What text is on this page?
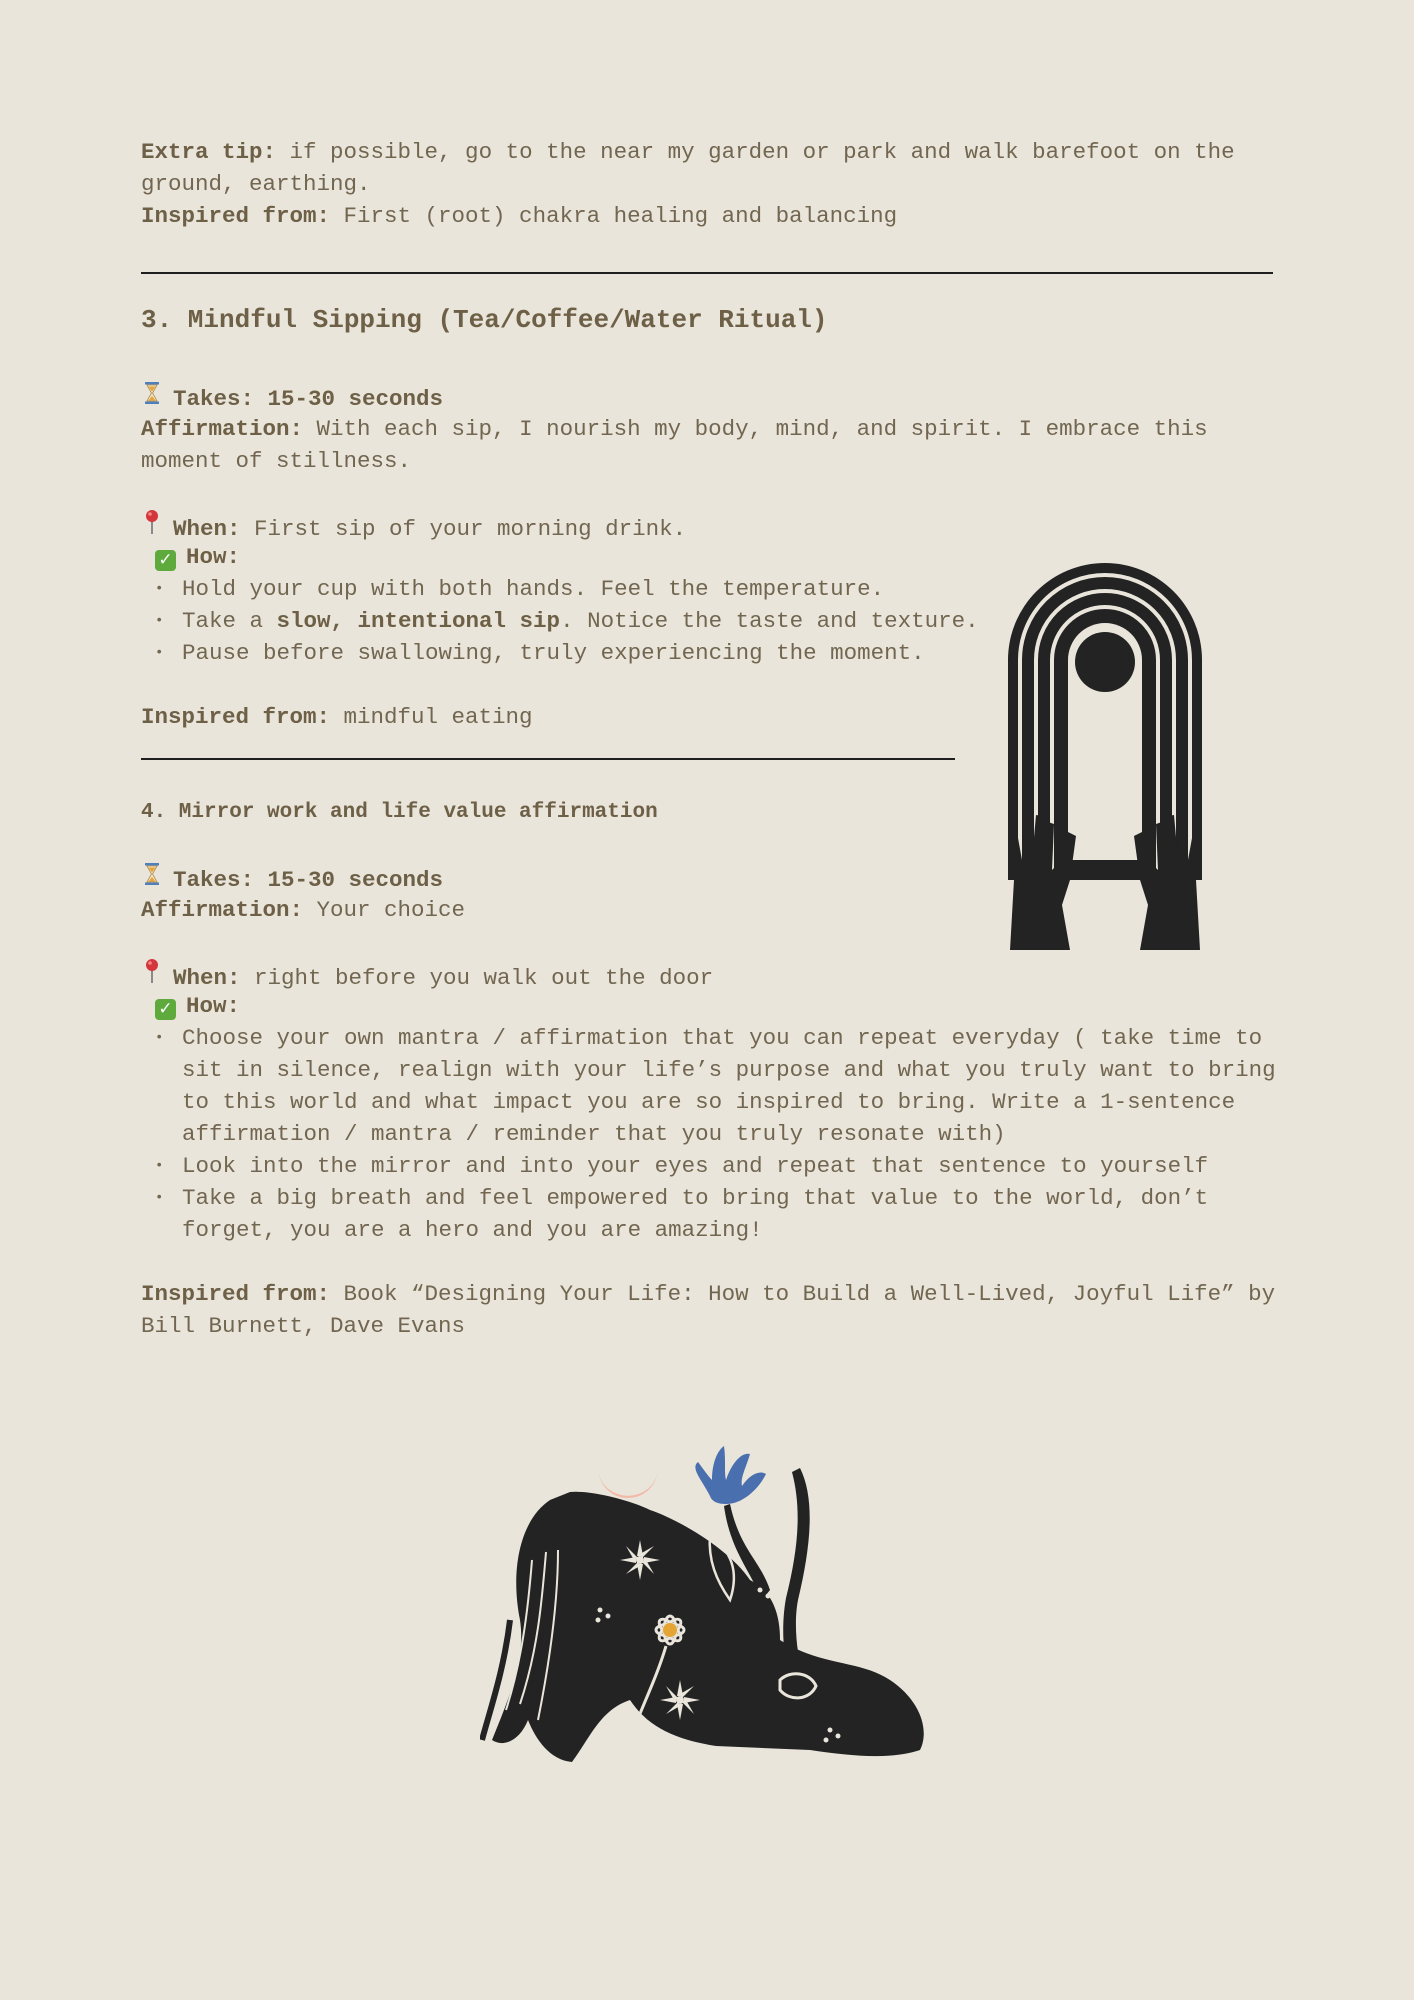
Extra tip: if possible, go to the near my garden or park and walk barefoot on the
ground, earthing.
Inspired from: First (root) chakra healing and balancing
3. Mindful Sipping (Tea/Coffee/Water Ritual)
Takes: 15-30 seconds
Affirmation: With each sip, I nourish my body, mind, and spirit. I embrace this
moment of stillness.
When: First sip of your morning drink.
✓ How:
• Hold your cup with both hands. Feel the temperature.
• Take a slow, intentional sip. Notice the taste and texture.
• Pause before swallowing, truly experiencing the moment.
Inspired from: mindful eating
4. Mirror work and life value affirmation
Takes: 15-30 seconds
Affirmation: Your choice
When: right before you walk out the door
✓ How:
• Choose your own mantra / affirmation that you can repeat everyday ( take time to
sit in silence, realign with your life’s purpose and what you truly want to bring
to this world and what impact you are so inspired to bring. Write a 1-sentence
affirmation / mantra / reminder that you truly resonate with)
• Look into the mirror and into your eyes and repeat that sentence to yourself
• Take a big breath and feel empowered to bring that value to the world, don’t
forget, you are a hero and you are amazing!
Inspired from: Book “Designing Your Life: How to Build a Well-Lived, Joyful Life” by
Bill Burnett, Dave Evans
